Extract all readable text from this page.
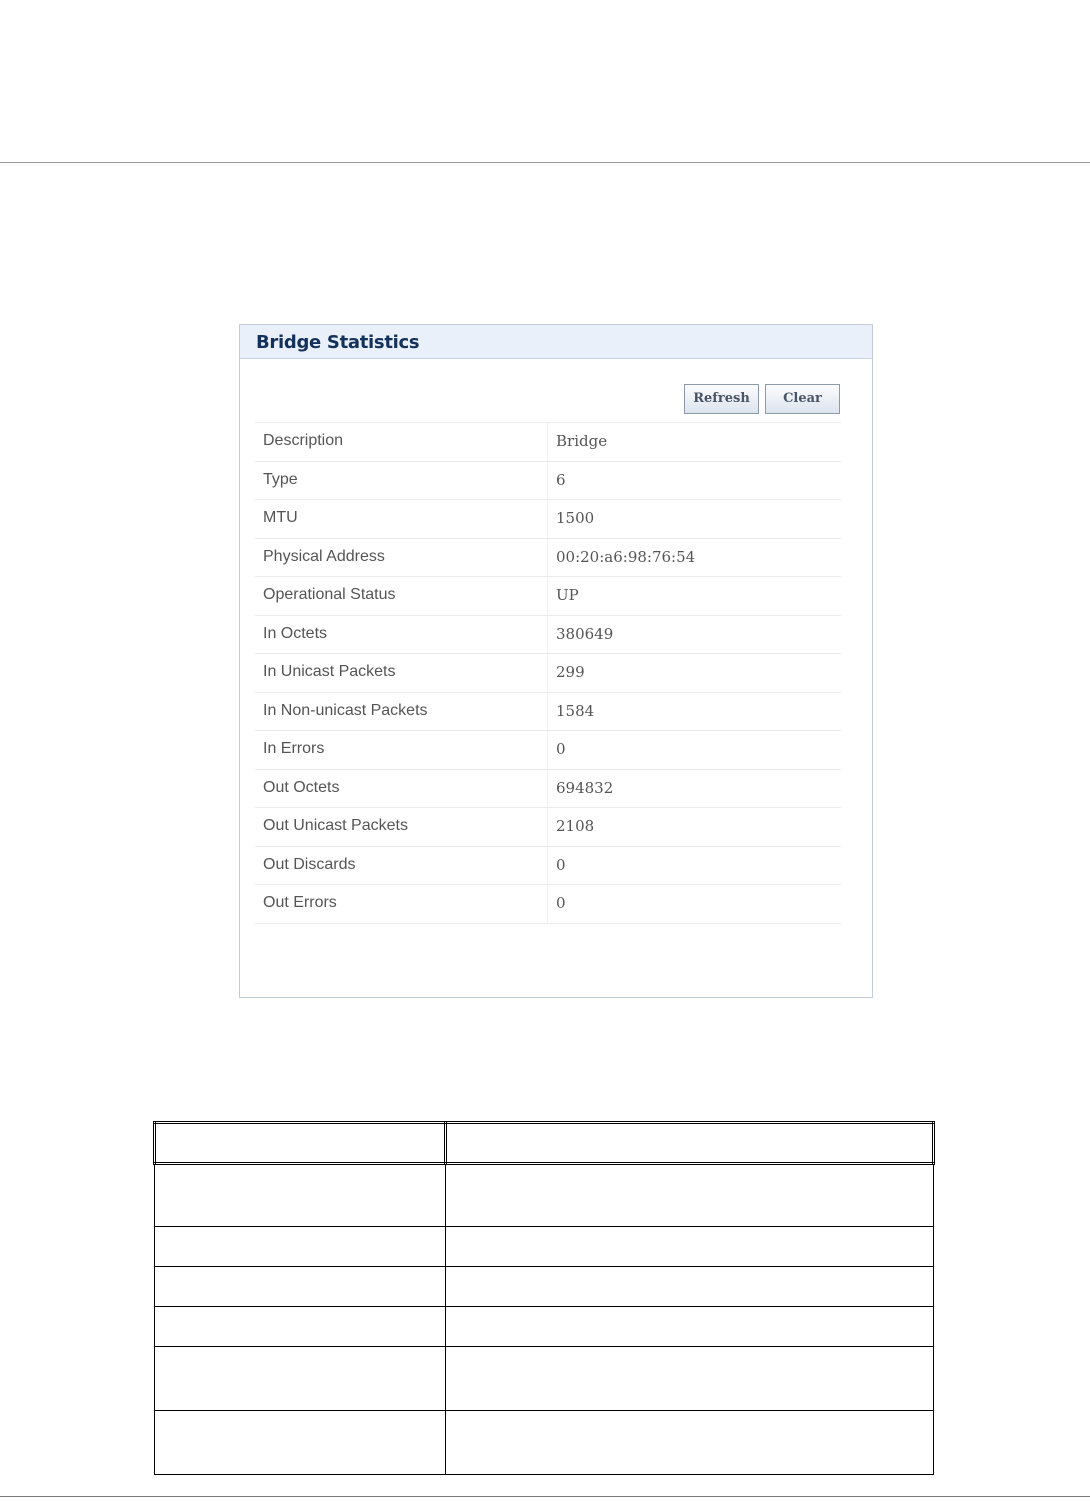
Bridge Statistics
Refresh	Clear
Description	Bridge
Type	6
MTU	1500
Physical Address	00:20:a6:98:76:54
Operational Status	UP
In Octets	380649
In Unicast Packets	299
In Non-unicast Packets	1584
In Errors	0
Out Octets	694832
Out Unicast Packets	2108
Out Discards	0
Out Errors	0
